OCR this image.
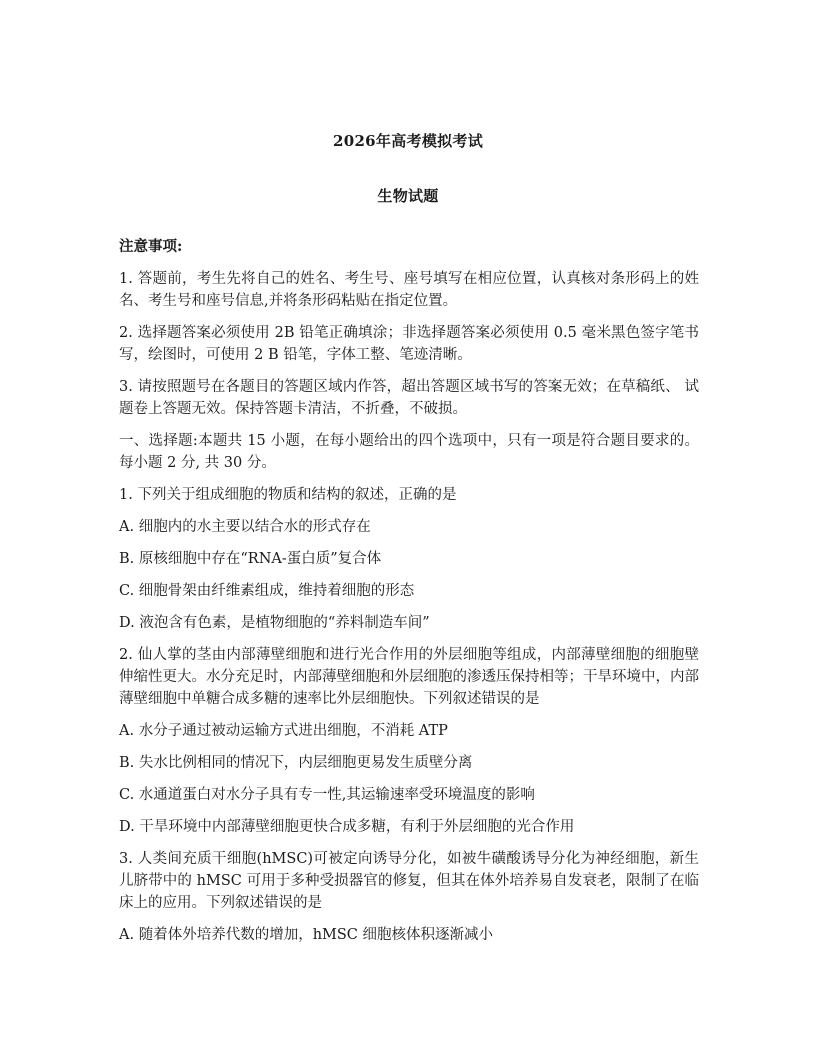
2026年高考模拟考试
生物试题
注意事项:
1. 答题前，考生先将自己的姓名、考生号、座号填写在相应位置，认真核对条形码上的姓名、考生号和座号信息,并将条形码粘贴在指定位置。
2. 选择题答案必须使用 2B 铅笔正确填涂；非选择题答案必须使用 0.5 毫米黑色签字笔书写，绘图时，可使用 2 B 铅笔，字体工整、笔迹清晰。
3. 请按照题号在各题目的答题区域内作答，超出答题区域书写的答案无效；在草稿纸、 试题卷上答题无效。保持答题卡清洁，不折叠，不破损。
一、选择题:本题共 15 小题，在每小题给出的四个选项中，只有一项是符合题目要求的。每小题 2 分, 共 30 分。
1. 下列关于组成细胞的物质和结构的叙述，正确的是
A. 细胞内的水主要以结合水的形式存在
B. 原核细胞中存在“RNA-蛋白质”复合体
C. 细胞骨架由纤维素组成，维持着细胞的形态
D. 液泡含有色素，是植物细胞的“养料制造车间”
2. 仙人掌的茎由内部薄壁细胞和进行光合作用的外层细胞等组成，内部薄壁细胞的细胞壁伸缩性更大。水分充足时，内部薄壁细胞和外层细胞的渗透压保持相等；干旱环境中，内部薄壁细胞中单糖合成多糖的速率比外层细胞快。下列叙述错误的是
A. 水分子通过被动运输方式进出细胞，不消耗 ATP
B. 失水比例相同的情况下，内层细胞更易发生质壁分离
C. 水通道蛋白对水分子具有专一性,其运输速率受环境温度的影响
D. 干旱环境中内部薄壁细胞更快合成多糖，有利于外层细胞的光合作用
3. 人类间充质干细胞(hMSC)可被定向诱导分化，如被牛磺酸诱导分化为神经细胞，新生儿脐带中的 hMSC 可用于多种受损器官的修复，但其在体外培养易自发衰老，限制了在临床上的应用。下列叙述错误的是
A. 随着体外培养代数的增加，hMSC 细胞核体积逐渐减小
